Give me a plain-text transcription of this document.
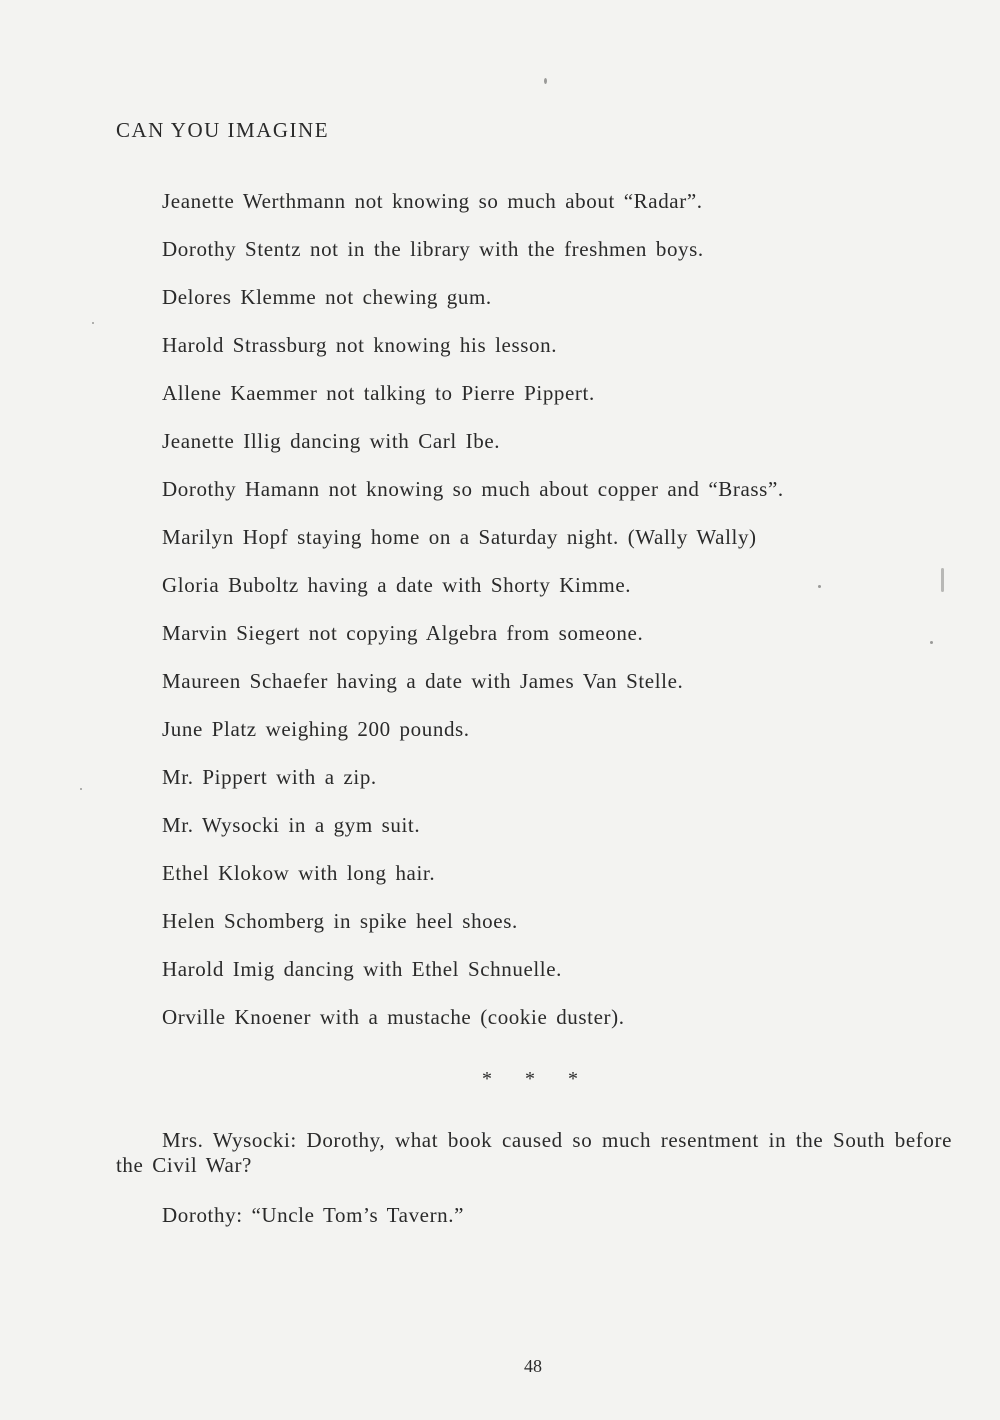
CAN YOU IMAGINE
Jeanette Werthmann not knowing so much about “Radar”.
Dorothy Stentz not in the library with the freshmen boys.
Delores Klemme not chewing gum.
Harold Strassburg not knowing his lesson.
Allene Kaemmer not talking to Pierre Pippert.
Jeanette Illig dancing with Carl Ibe.
Dorothy Hamann not knowing so much about copper and “Brass”.
Marilyn Hopf staying home on a Saturday night. (Wally Wally)
Gloria Buboltz having a date with Shorty Kimme.
Marvin Siegert not copying Algebra from someone.
Maureen Schaefer having a date with James Van Stelle.
June Platz weighing 200 pounds.
Mr. Pippert with a zip.
Mr. Wysocki in a gym suit.
Ethel Klokow with long hair.
Helen Schomberg in spike heel shoes.
Harold Imig dancing with Ethel Schnuelle.
Orville Knoener with a mustache (cookie duster).
* * *

Mrs. Wysocki: Dorothy, what book caused so much resentment in the South before the Civil War?

Dorothy: “Uncle Tom’s Tavern.”

48
